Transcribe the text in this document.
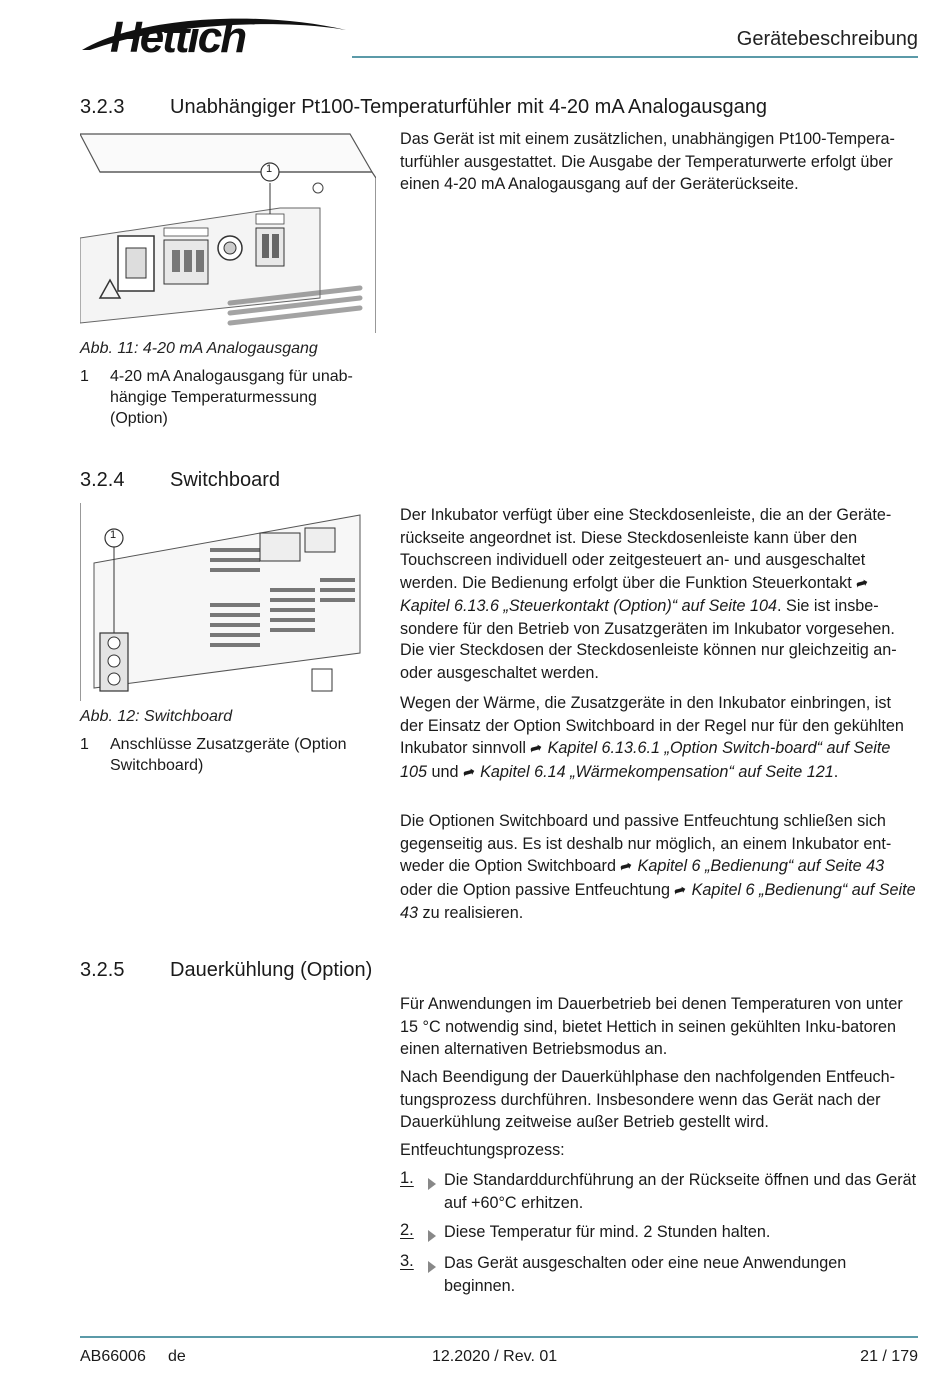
Hettich	Gerätebeschreibung
3.2.3 Unabhängiger Pt100-Temperaturfühler mit 4-20 mA Analogausgang
1
Abb. 11: 4-20 mA Analogausgang
1 4-20 mA Analogausgang für unab-hängige Temperaturmessung (Option)

Das Gerät ist mit einem zusätzlichen, unabhängigen Pt100-Tempera-turfühler ausgestattet. Die Ausgabe der Temperaturwerte erfolgt über einen 4-20 mA Analogausgang auf der Geräterückseite.

3.2.4 Switchboard
1
Abb. 12: Switchboard
1 Anschlüsse Zusatzgeräte (Option Switchboard)

Der Inkubator verfügt über eine Steckdosenleiste, die an der Geräte-rückseite angeordnet ist. Diese Steckdosenleiste kann über den Touchscreen individuell oder zeitgesteuert an- und ausgeschaltet werden. Die Bedienung erfolgt über die Funktion Steuerkontakt ➦ Kapitel 6.13.6 „Steuerkontakt (Option)“ auf Seite 104. Sie ist insbe-sondere für den Betrieb von Zusatzgeräten im Inkubator vorgesehen.

Die vier Steckdosen der Steckdosenleiste können nur gleichzeitig an- oder ausgeschaltet werden.

Wegen der Wärme, die Zusatzgeräte in den Inkubator einbringen, ist der Einsatz der Option Switchboard in der Regel nur für den gekühlten Inkubator sinnvoll ➦ Kapitel 6.13.6.1 „Option Switch-board“ auf Seite 105 und ➦ Kapitel 6.14 „Wärmekompensation“ auf Seite 121.

Die Optionen Switchboard und passive Entfeuchtung schließen sich gegenseitig aus. Es ist deshalb nur möglich, an einem Inkubator ent-weder die Option Switchboard ➦ Kapitel 6 „Bedienung“ auf Seite 43 oder die Option passive Entfeuchtung ➦ Kapitel 6 „Bedienung“ auf Seite 43 zu realisieren.

3.2.5 Dauerkühlung (Option)

Für Anwendungen im Dauerbetrieb bei denen Temperaturen von unter 15 °C notwendig sind, bietet Hettich in seinen gekühlten Inku-batoren einen alternativen Betriebsmodus an.

Nach Beendigung der Dauerkühlphase den nachfolgenden Entfeuch-tungsprozess durchführen. Insbesondere wenn das Gerät nach der Dauerkühlung zeitweise außer Betrieb gestellt wird.

Entfeuchtungsprozess:

1. Die Standarddurchführung an der Rückseite öffnen und das Gerät auf +60°C erhitzen.
2. Diese Temperatur für mind. 2 Stunden halten.
3. Das Gerät ausgeschalten oder eine neue Anwendungen beginnen.
AB66006 de	12.2020 / Rev. 01	21 / 179
